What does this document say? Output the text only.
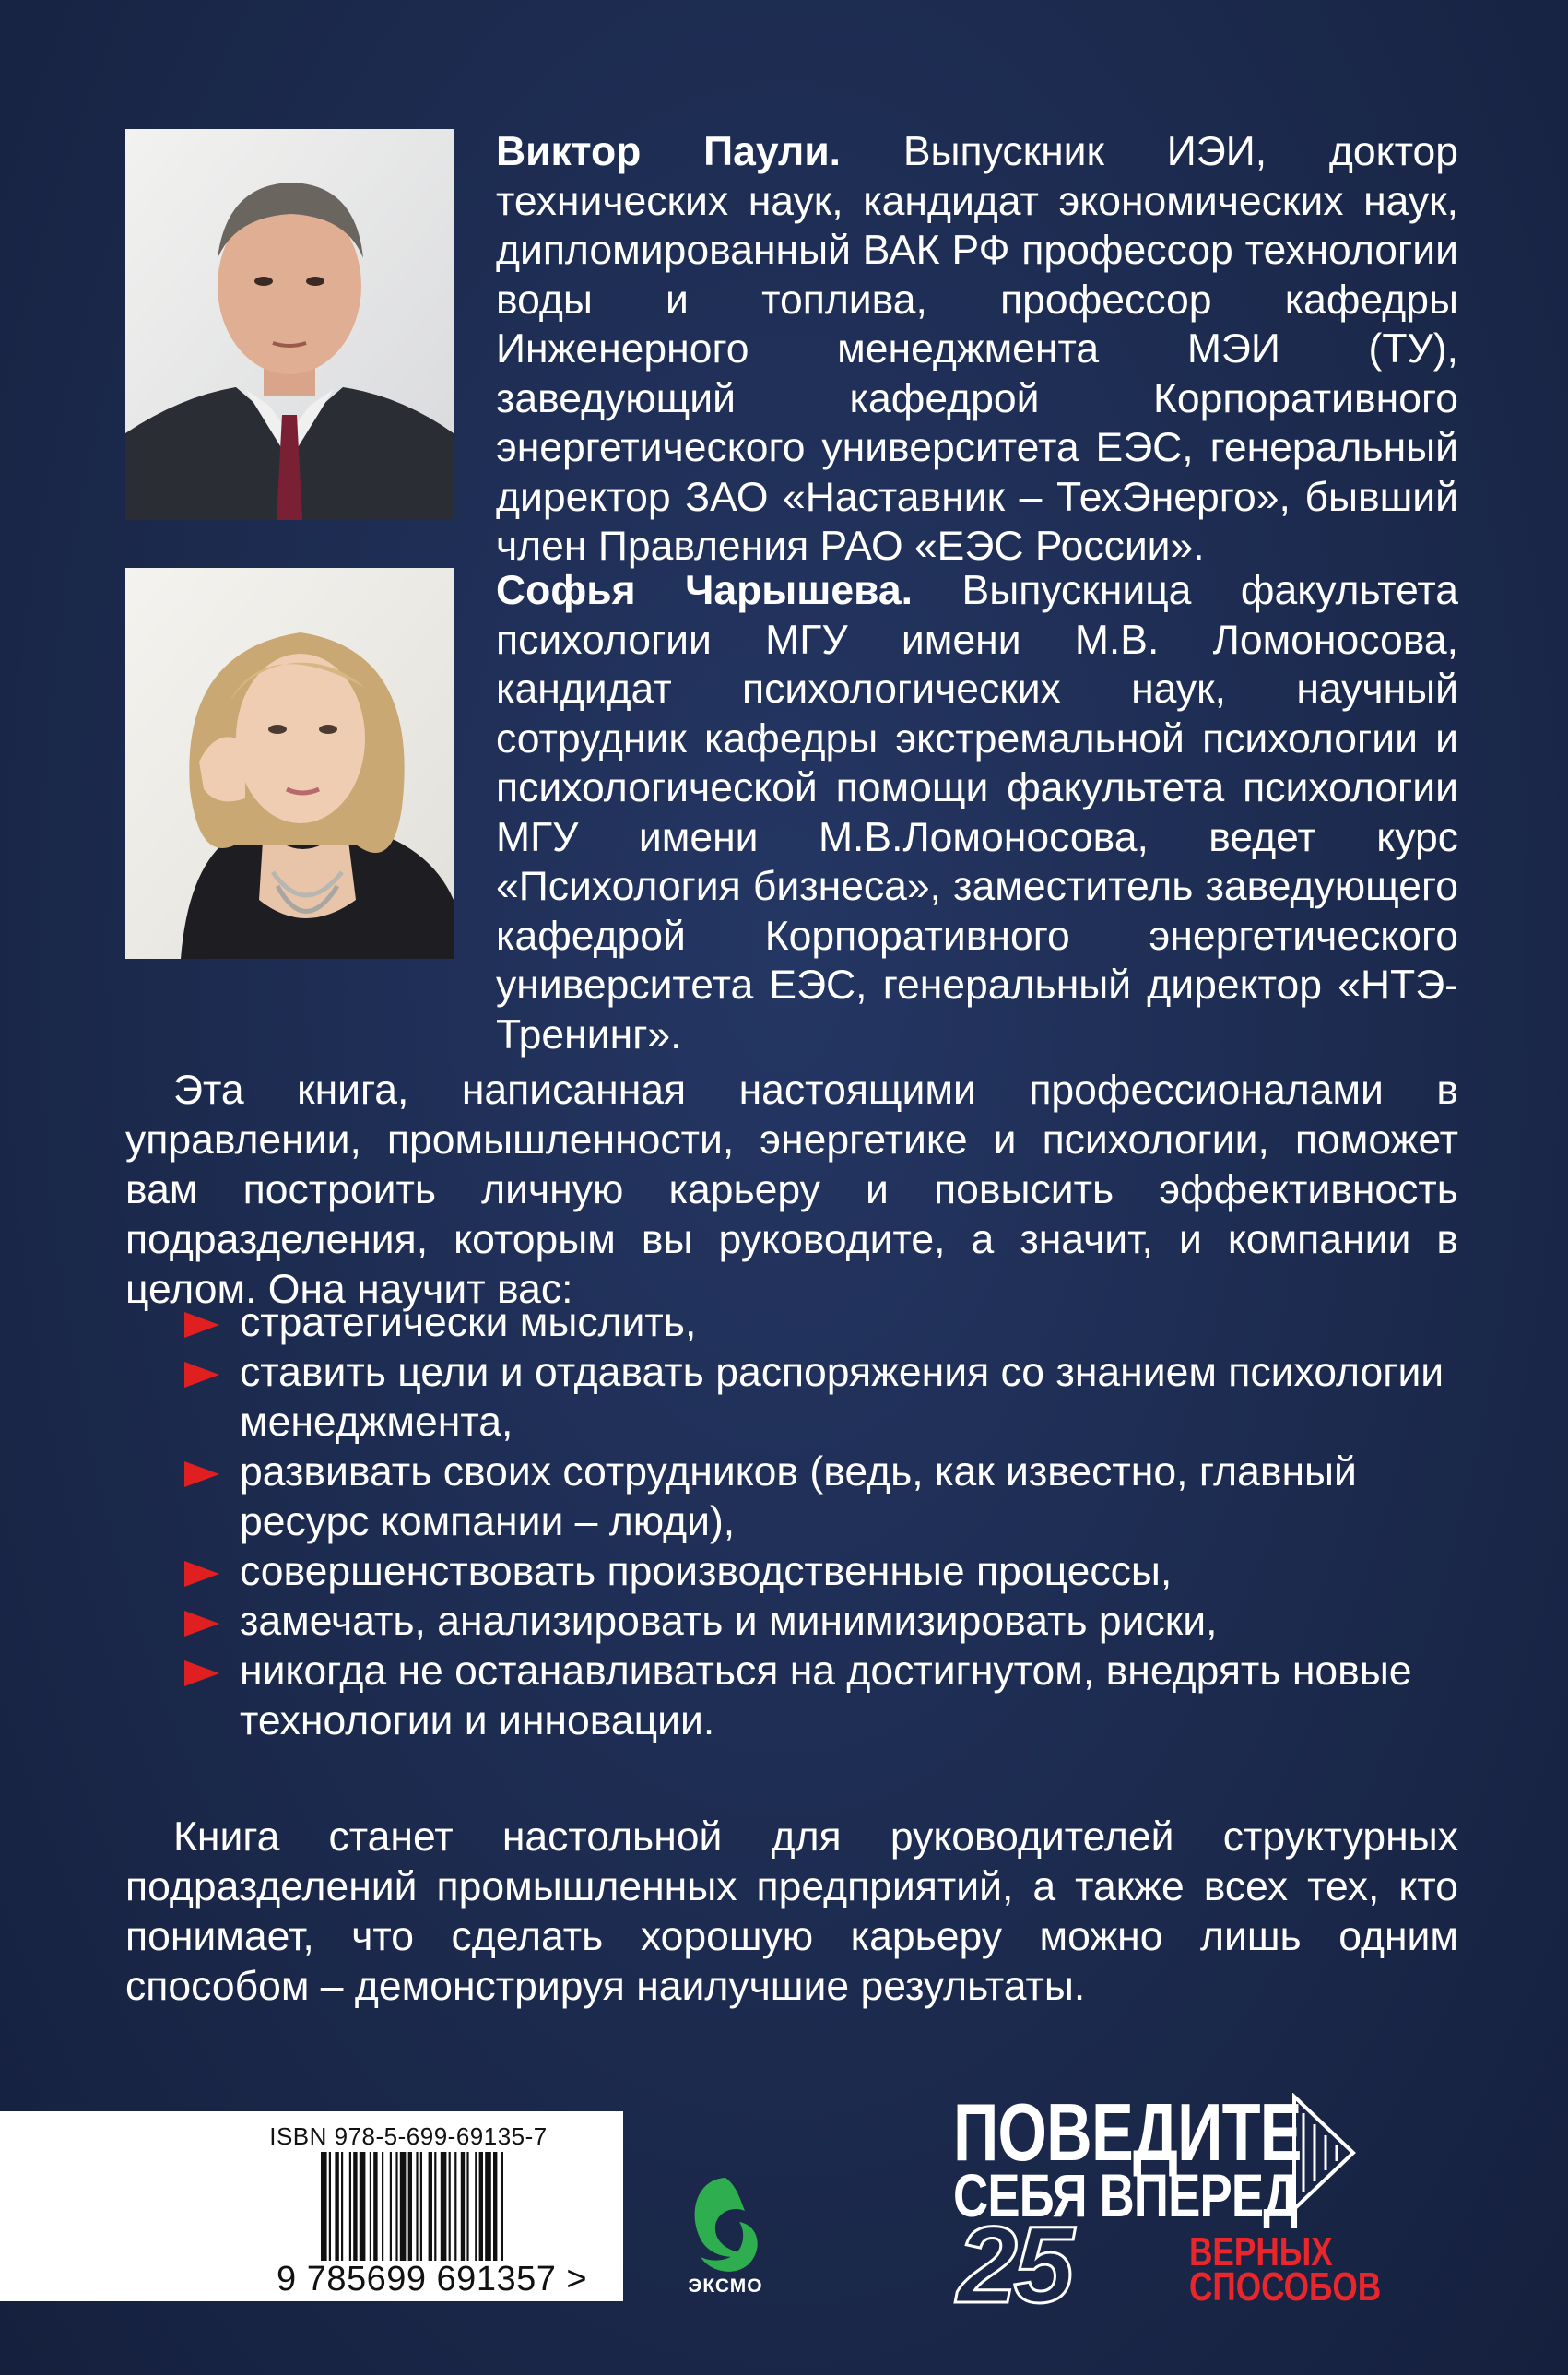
Виктор Паули. Выпускник ИЭИ, доктор технических наук, кандидат экономических наук, дипломированный ВАК РФ профессор технологии воды и топлива, профессор кафедры Инженерного менеджмента МЭИ (ТУ), заведующий кафедрой Корпоративного энергетического университета ЕЭС, генеральный директор ЗАО «Наставник – ТехЭнерго», бывший член Правления РАО «ЕЭС России».
Софья Чарышева. Выпускница факультета психологии МГУ имени М.В. Ломоносова, кандидат психологических наук, научный сотрудник кафедры экстремальной психологии и психологической помощи факультета психологии МГУ имени М.В.Ломоносова, ведет курс «Психология бизнеса», заместитель заведующего кафедрой Корпоративного энергетического университета ЕЭС, генеральный директор «НТЭ-Тренинг».
Эта книга, написанная настоящими профессионалами в управлении, промышленности, энергетике и психологии, поможет вам построить личную карьеру и повысить эффективность подразделения, которым вы руководите, а значит, и компании в целом. Она научит вас:
стратегически мыслить,
ставить цели и отдавать распоряжения со знанием психологии менеджмента,
развивать своих сотрудников (ведь, как известно, главный ресурс компании – люди),
совершенствовать производственные процессы,
замечать, анализировать и минимизировать риски,
никогда не останавливаться на достигнутом, внедрять новые технологии и инновации.
Книга станет настольной для руководителей структурных подразделений промышленных предприятий, а также всех тех, кто понимает, что сделать хорошую карьеру можно лишь одним способом – демонстрируя наилучшие результаты.
ISBN 978-5-699-69135-7
9 785699 691357 >	ЭКСМО
ПОВЕДИТЕ
СЕБЯ ВПЕРЕД
25	ВЕРНЫХ
СПОСОБОВ
